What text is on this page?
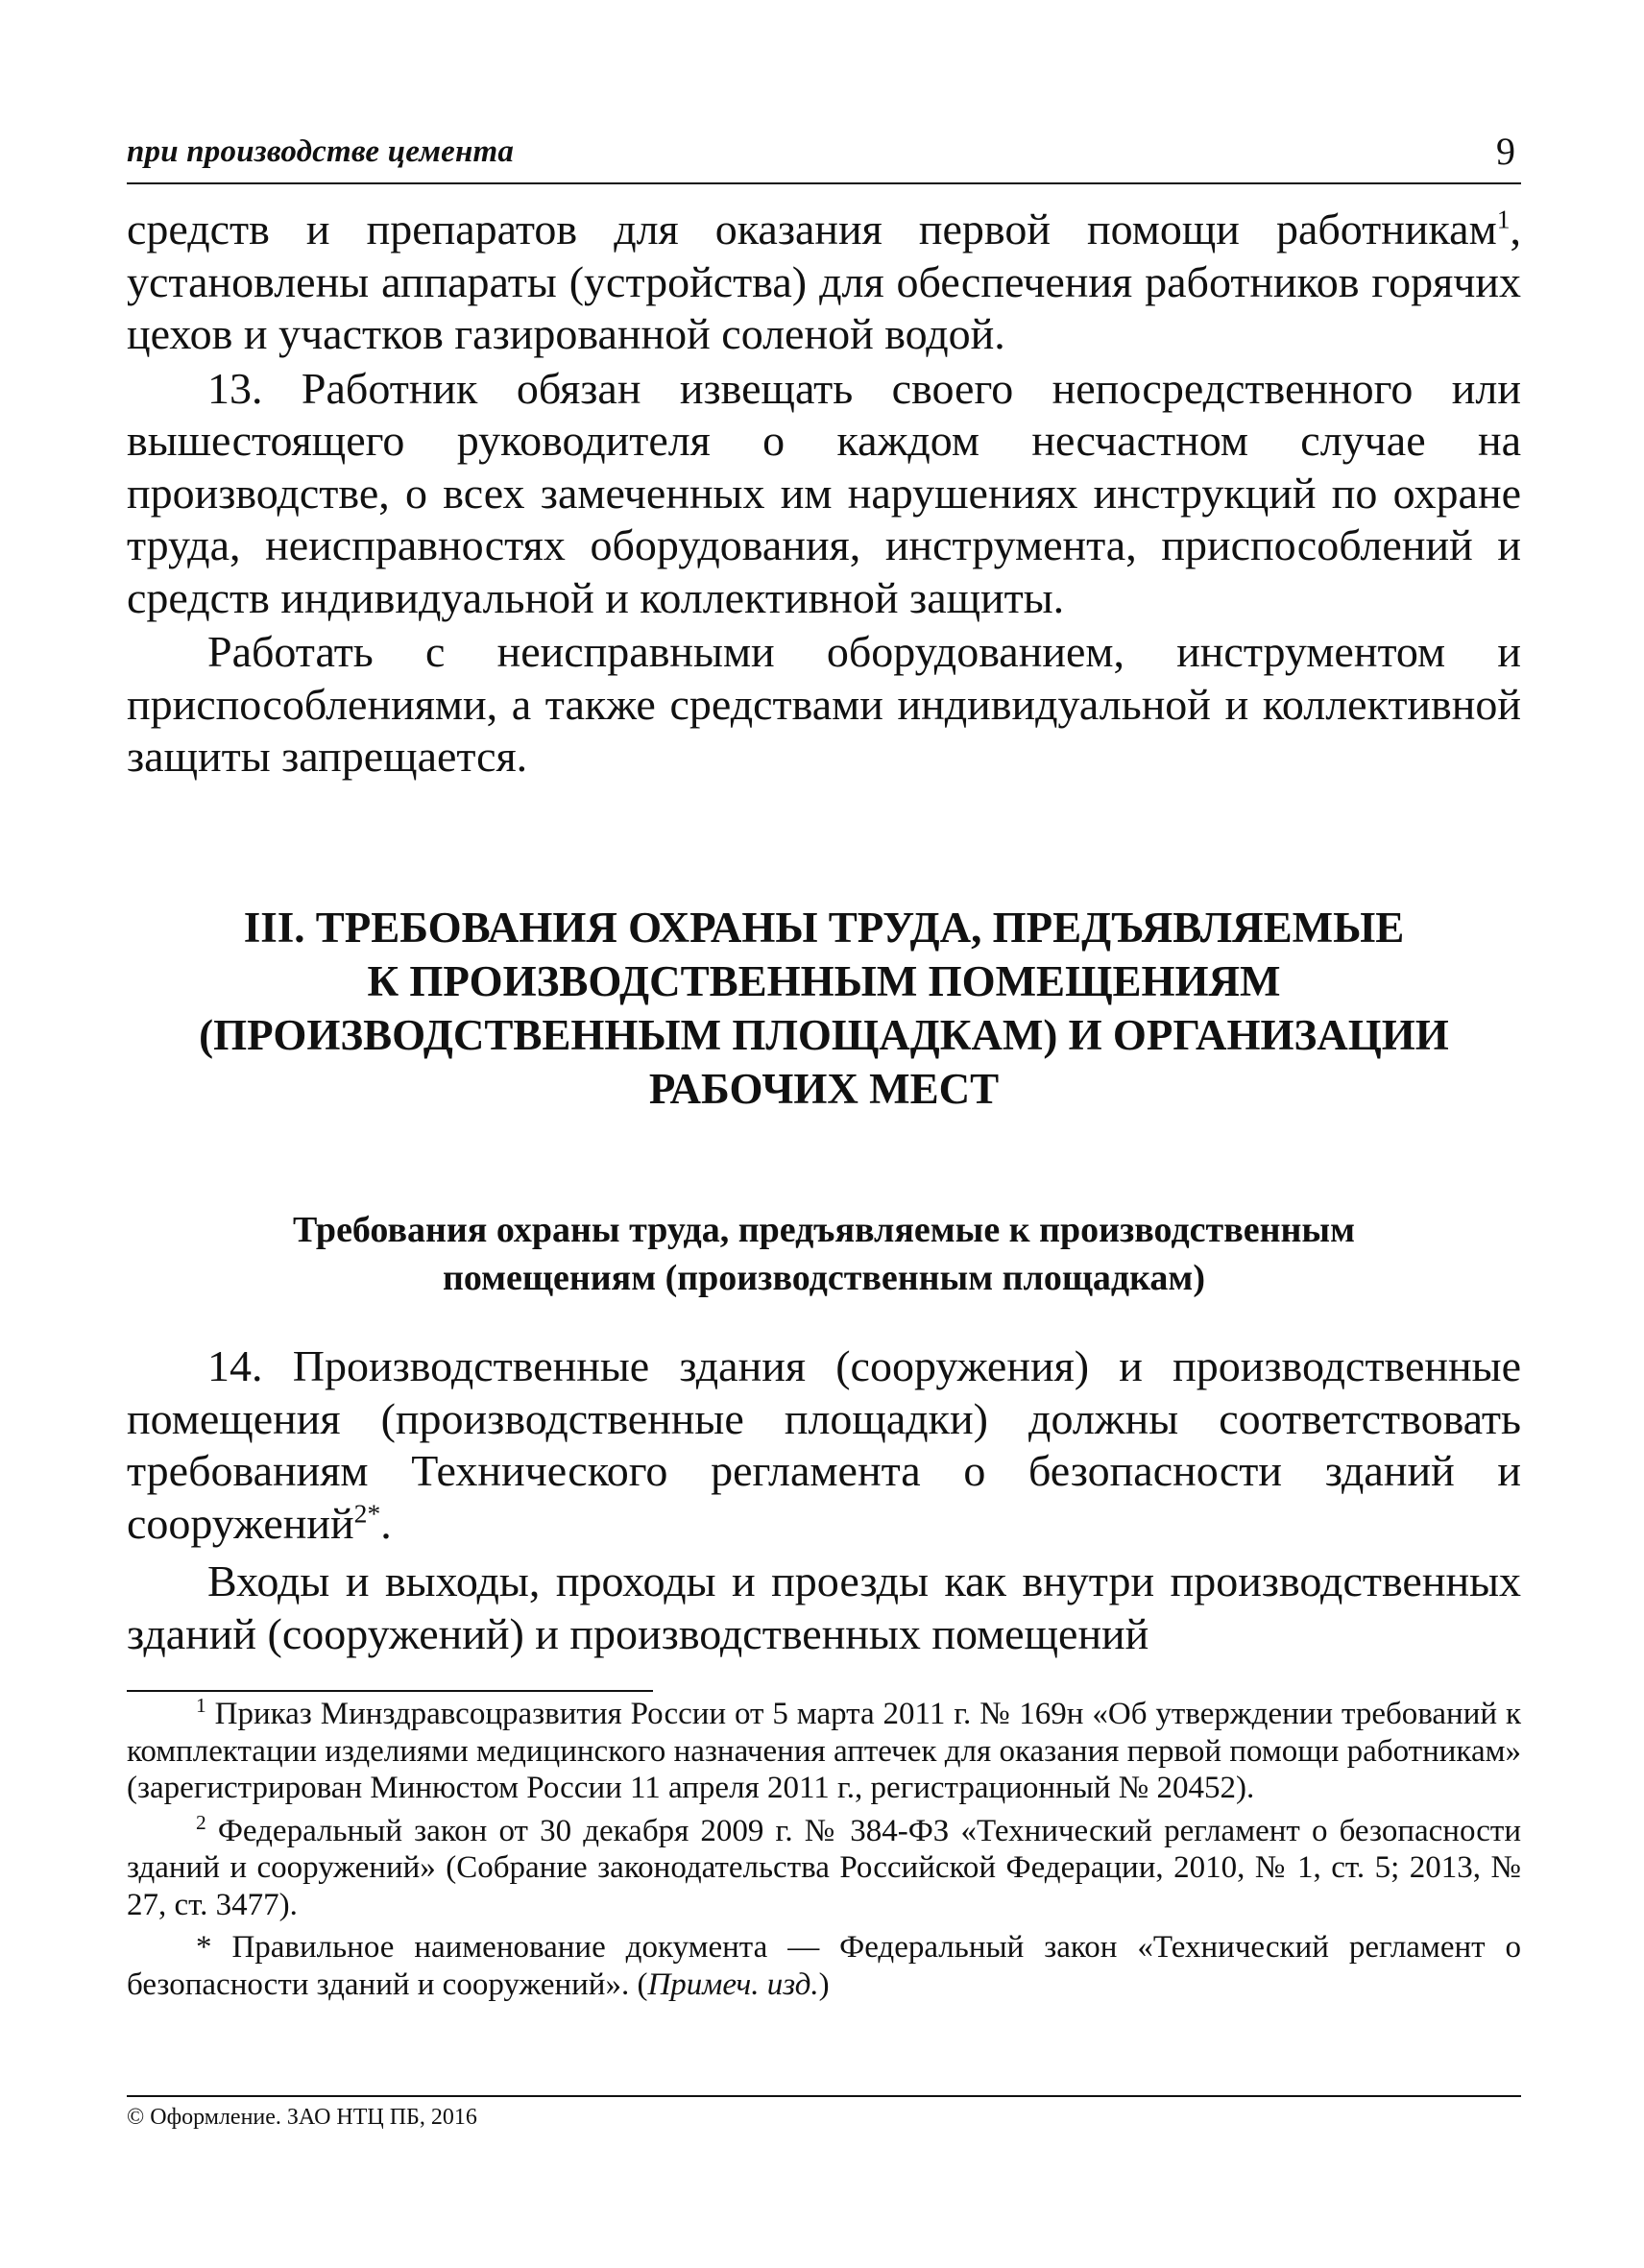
при производстве цемента	9

средств и препаратов для оказания первой помощи работникам$^1$, установлены аппараты (устройства) для обеспечения работников горячих цехов и участков газированной соленой водой.

13. Работник обязан извещать своего непосредственного или вышестоящего руководителя о каждом несчастном случае на производстве, о всех замеченных им нарушениях инструкций по охране труда, неисправностях оборудования, инструмента, приспособлений и средств индивидуальной и коллективной защиты.

Работать с неисправными оборудованием, инструментом и приспособлениями, а также средствами индивидуальной и коллективной защиты запрещается.

III. ТРЕБОВАНИЯ ОХРАНЫ ТРУДА, ПРЕДЪЯВЛЯЕМЫЕ
К ПРОИЗВОДСТВЕННЫМ ПОМЕЩЕНИЯМ
(ПРОИЗВОДСТВЕННЫМ ПЛОЩАДКАМ) И ОРГАНИЗАЦИИ
РАБОЧИХ МЕСТ
Требования охраны труда, предъявляемые к производственным
помещениям (производственным площадкам)

14. Производственные здания (сооружения) и производственные помещения (производственные площадки) должны соответствовать требованиям Технического регламента о безопасности зданий и сооружений$^{2*}$.

Входы и выходы, проходы и проезды как внутри производственных зданий (сооружений) и производственных помещений

$^1$ Приказ Минздравсоцразвития России от 5 марта 2011 г. № 169н «Об утверждении требований к комплектации изделиями медицинского назначения аптечек для оказания первой помощи работникам» (зарегистрирован Минюстом России 11 апреля 2011 г., регистрационный № 20452).

$^2$ Федеральный закон от 30 декабря 2009 г. № 384-ФЗ «Технический регламент о безопасности зданий и сооружений» (Собрание законодательства Российской Федерации, 2010, № 1, ст. 5; 2013, № 27, ст. 3477).

* Правильное наименование документа — Федеральный закон «Технический регламент о безопасности зданий и сооружений». (Примеч. изд.)

© Оформление. ЗАО НТЦ ПБ, 2016
